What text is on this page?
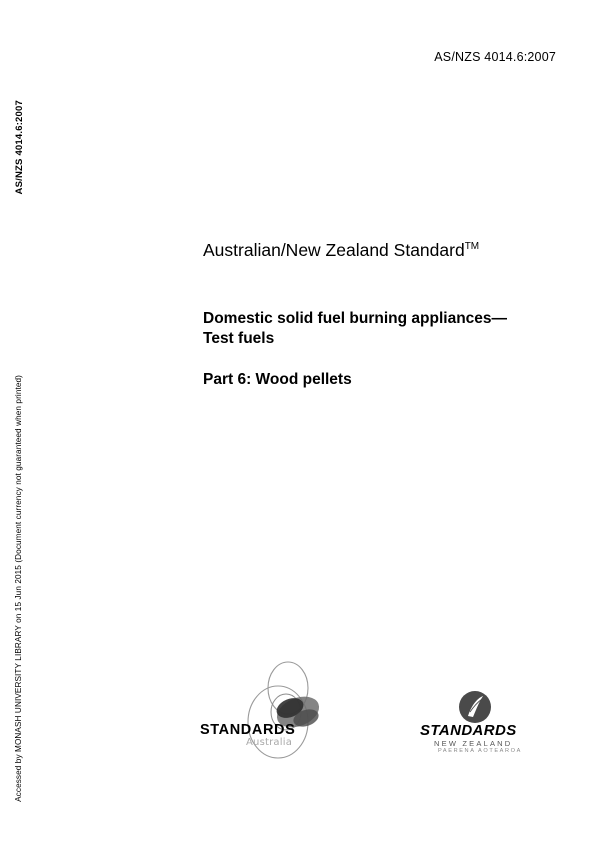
AS/NZS 4014.6:2007
AS/NZS 4014.6:2007
Accessed by MONASH UNIVERSITY LIBRARY on 15 Jun 2015 (Document currency not guaranteed when printed)
Australian/New Zealand Standard™
Domestic solid fuel burning appliances—Test fuels
Part 6: Wood pellets
STANDARDS
Australia
STANDARDS
NEW ZEALAND
PAERENA AOTEAROA
